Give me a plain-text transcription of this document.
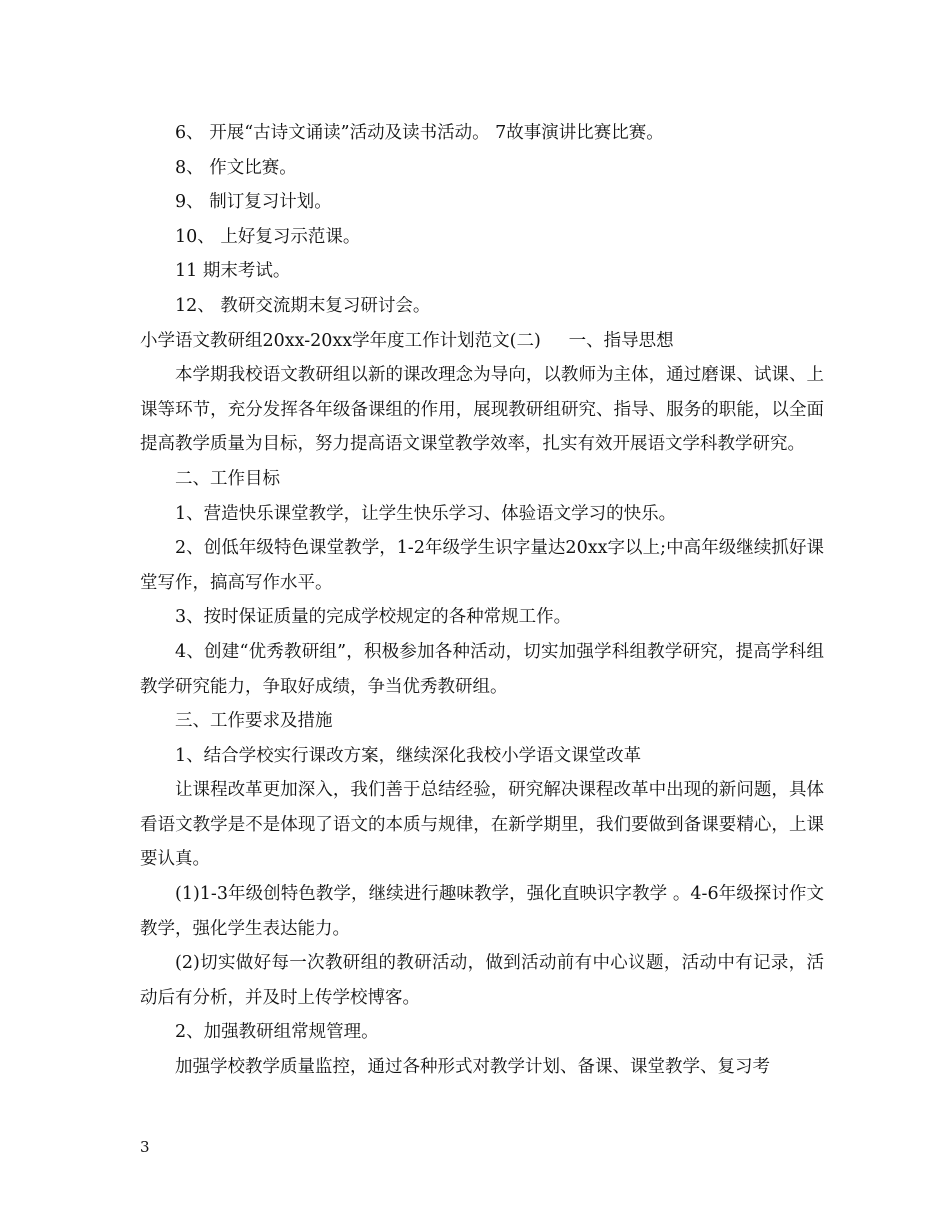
6、 开展“古诗文诵读”活动及读书活动。 7故事演讲比赛比赛。

8、 作文比赛。

9、 制订复习计划。

10、 上好复习示范课。

11 期末考试。

12、 教研交流期末复习研讨会。

小学语文教研组20xx-20xx学年度工作计划范文(二)     一、指导思想

本学期我校语文教研组以新的课改理念为导向，以教师为主体，通过磨课、试课、上课等环节，充分发挥各年级备课组的作用，展现教研组研究、指导、服务的职能，以全面提高教学质量为目标，努力提高语文课堂教学效率，扎实有效开展语文学科教学研究。

二、工作目标

1、营造快乐课堂教学，让学生快乐学习、体验语文学习的快乐。

2、创低年级特色课堂教学，1-2年级学生识字量达20xx字以上;中高年级继续抓好课堂写作，搞高写作水平。

3、按时保证质量的完成学校规定的各种常规工作。

4、创建“优秀教研组”，积极参加各种活动，切实加强学科组教学研究，提高学科组教学研究能力，争取好成绩，争当优秀教研组。

三、工作要求及措施

1、结合学校实行课改方案，继续深化我校小学语文课堂改革

让课程改革更加深入，我们善于总结经验，研究解决课程改革中出现的新问题，具体看语文教学是不是体现了语文的本质与规律，在新学期里，我们要做到备课要精心，上课要认真。

(1)1-3年级创特色教学，继续进行趣味教学，强化直映识字教学 。4-6年级探讨作文教学，强化学生表达能力。

(2)切实做好每一次教研组的教研活动，做到活动前有中心议题，活动中有记录，活动后有分析，并及时上传学校博客。

2、加强教研组常规管理。

加强学校教学质量监控，通过各种形式对教学计划、备课、课堂教学、复习考

3
